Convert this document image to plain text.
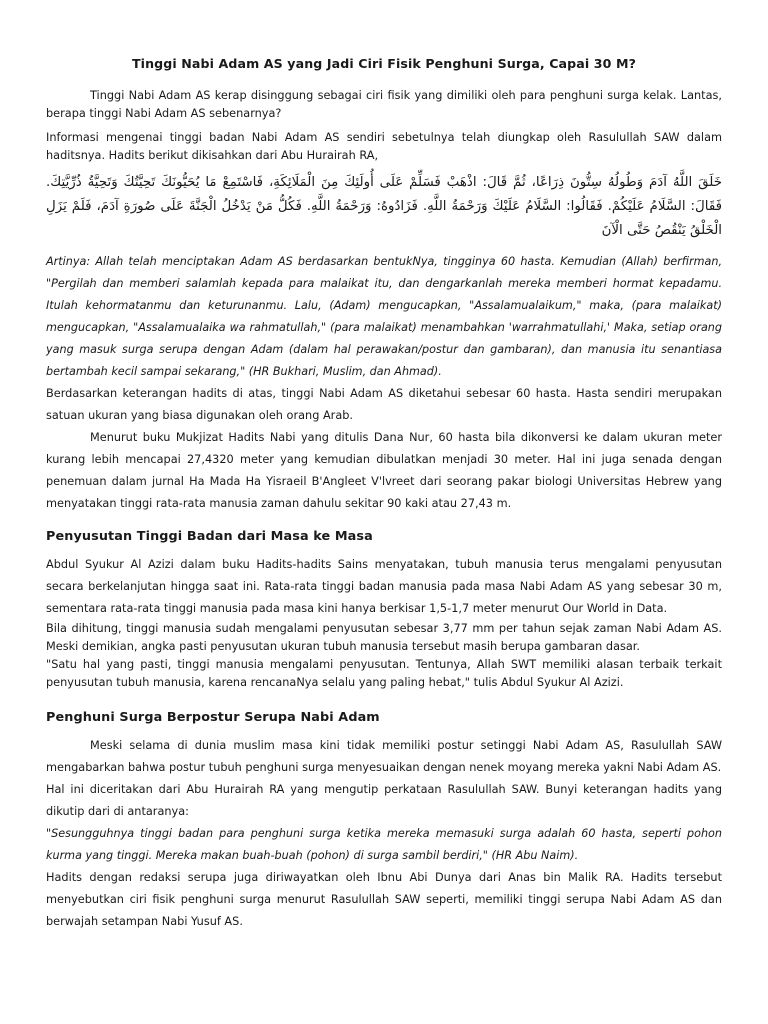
Tinggi Nabi Adam AS yang Jadi Ciri Fisik Penghuni Surga, Capai 30 M?

Tinggi Nabi Adam AS kerap disinggung sebagai ciri fisik yang dimiliki oleh para penghuni surga kelak. Lantas, berapa tinggi Nabi Adam AS sebenarnya?

Informasi mengenai tinggi badan Nabi Adam AS sendiri sebetulnya telah diungkap oleh Rasulullah SAW dalam haditsnya. Hadits berikut dikisahkan dari Abu Hurairah RA,

خَلَقَ اللَّهُ آدَمَ وَطُولُهُ سِتُّونَ ذِرَاعًا، ثُمَّ قَالَ: اذْهَبْ فَسَلِّمْ عَلَى أُولَئِكَ مِنَ الْمَلَائِكَةِ، فَاسْتَمِعْ مَا يُحَيُّونَكَ تَحِيَّتُكَ وَتَحِيَّةُ ذُرِّيَّتِكَ. فَقَالَ: السَّلَامُ عَلَيْكُمْ. فَقَالُوا: السَّلَامُ عَلَيْكَ وَرَحْمَةُ اللَّهِ. فَزَادُوهُ: وَرَحْمَةُ اللَّهِ. فَكُلُّ مَنْ يَدْخُلُ الْجَنَّةَ عَلَى صُورَةِ آدَمَ، فَلَمْ يَزَلِ الْخَلْقُ يَنْقُصُ حَتَّى الْآنَ

Artinya: Allah telah menciptakan Adam AS berdasarkan bentukNya, tingginya 60 hasta. Kemudian (Allah) berfirman, "Pergilah dan memberi salamlah kepada para malaikat itu, dan dengarkanlah mereka memberi hormat kepadamu. Itulah kehormatanmu dan keturunanmu. Lalu, (Adam) mengucapkan, "Assalamualaikum," maka, (para malaikat) mengucapkan, "Assalamualaika wa rahmatullah," (para malaikat) menambahkan 'warrahmatullahi,' Maka, setiap orang yang masuk surga serupa dengan Adam (dalam hal perawakan/postur dan gambaran), dan manusia itu senantiasa bertambah kecil sampai sekarang," (HR Bukhari, Muslim, dan Ahmad).

Berdasarkan keterangan hadits di atas, tinggi Nabi Adam AS diketahui sebesar 60 hasta. Hasta sendiri merupakan satuan ukuran yang biasa digunakan oleh orang Arab.

Menurut buku Mukjizat Hadits Nabi yang ditulis Dana Nur, 60 hasta bila dikonversi ke dalam ukuran meter kurang lebih mencapai 27,4320 meter yang kemudian dibulatkan menjadi 30 meter. Hal ini juga senada dengan penemuan dalam jurnal Ha Mada Ha Yisraeil B'Angleet V'lvreet dari seorang pakar biologi Universitas Hebrew yang menyatakan tinggi rata-rata manusia zaman dahulu sekitar 90 kaki atau 27,43 m.

Penyusutan Tinggi Badan dari Masa ke Masa

Abdul Syukur Al Azizi dalam buku Hadits-hadits Sains menyatakan, tubuh manusia terus mengalami penyusutan secara berkelanjutan hingga saat ini. Rata-rata tinggi badan manusia pada masa Nabi Adam AS yang sebesar 30 m, sementara rata-rata tinggi manusia pada masa kini hanya berkisar 1,5-1,7 meter menurut Our World in Data.

Bila dihitung, tinggi manusia sudah mengalami penyusutan sebesar 3,77 mm per tahun sejak zaman Nabi Adam AS. Meski demikian, angka pasti penyusutan ukuran tubuh manusia tersebut masih berupa gambaran dasar.

"Satu hal yang pasti, tinggi manusia mengalami penyusutan. Tentunya, Allah SWT memiliki alasan terbaik terkait penyusutan tubuh manusia, karena rencanaNya selalu yang paling hebat," tulis Abdul Syukur Al Azizi.

Penghuni Surga Berpostur Serupa Nabi Adam

Meski selama di dunia muslim masa kini tidak memiliki postur setinggi Nabi Adam AS, Rasulullah SAW mengabarkan bahwa postur tubuh penghuni surga menyesuaikan dengan nenek moyang mereka yakni Nabi Adam AS.

Hal ini diceritakan dari Abu Hurairah RA yang mengutip perkataan Rasulullah SAW. Bunyi keterangan hadits yang dikutip dari di antaranya:

"Sesungguhnya tinggi badan para penghuni surga ketika mereka memasuki surga adalah 60 hasta, seperti pohon kurma yang tinggi. Mereka makan buah-buah (pohon) di surga sambil berdiri," (HR Abu Naim).

Hadits dengan redaksi serupa juga diriwayatkan oleh Ibnu Abi Dunya dari Anas bin Malik RA. Hadits tersebut menyebutkan ciri fisik penghuni surga menurut Rasulullah SAW seperti, memiliki tinggi serupa Nabi Adam AS dan berwajah setampan Nabi Yusuf AS.
